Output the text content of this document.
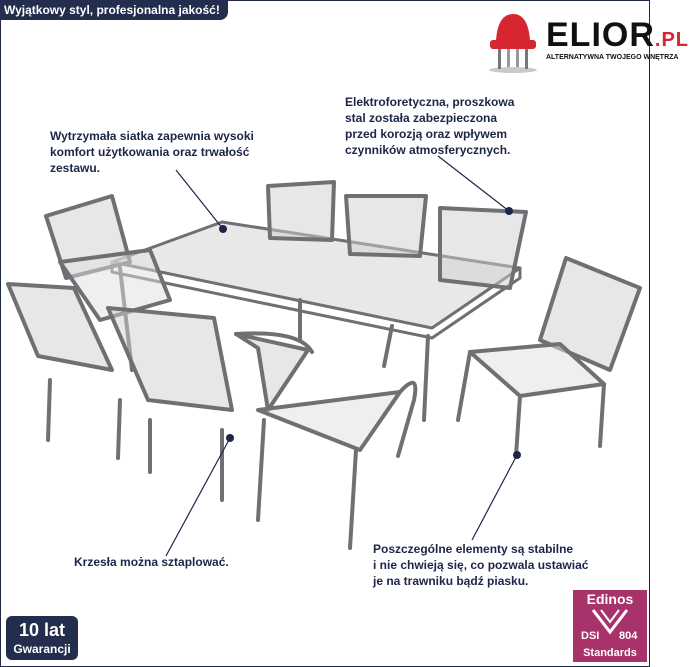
Wyjątkowy styl, profesjonalna jakość!
ELIOR.PL
ALTERNATYWNA TWOJEGO WNĘTRZA
Wytrzymała siatka zapewnia wysoki
komfort użytkowania oraz trwałość
zestawu.
Elektroforetyczna, proszkowa
stal została zabezpieczona
przed korozją oraz wpływem
czynników atmosferycznych.
Krzesła można sztaplować.
Poszczególne elementy są stabilne
i nie chwieją się, co pozwala ustawiać
je na trawniku bądź piasku.
10 lat
Gwarancji
Edinos
DSI 804
Standards
